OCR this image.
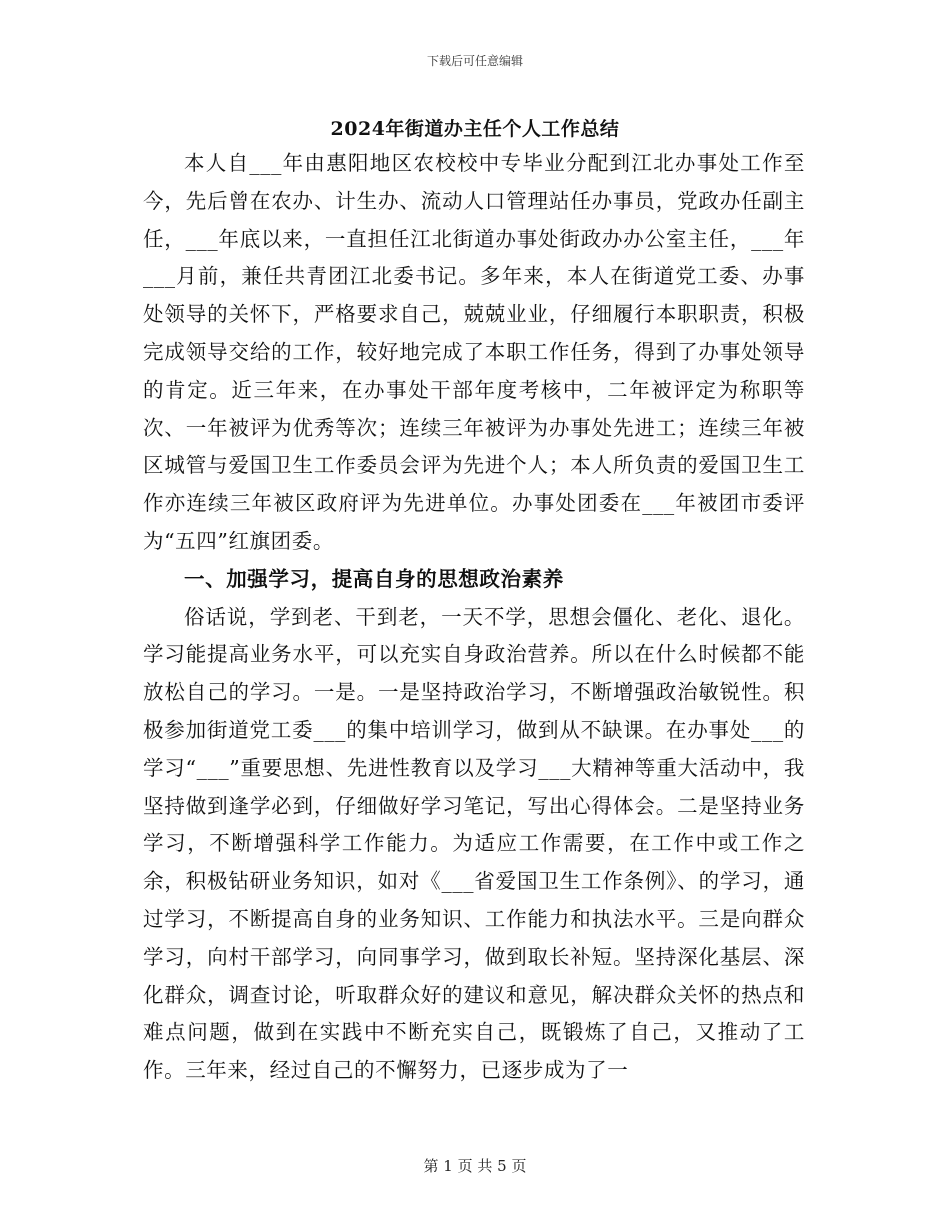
下载后可任意编辑
2024年街道办主任个人工作总结

本人自___年由惠阳地区农校校中专毕业分配到江北办事处工作至今，先后曾在农办、计生办、流动人口管理站任办事员，党政办任副主任，___年底以来，一直担任江北街道办事处街政办办公室主任，___年___月前，兼任共青团江北委书记。多年来，本人在街道党工委、办事处领导的关怀下，严格要求自己，兢兢业业，仔细履行本职职责，积极完成领导交给的工作，较好地完成了本职工作任务，得到了办事处领导的肯定。近三年来，在办事处干部年度考核中，二年被评定为称职等次、一年被评为优秀等次；连续三年被评为办事处先进工；连续三年被区城管与爱国卫生工作委员会评为先进个人；本人所负责的爱国卫生工作亦连续三年被区政府评为先进单位。办事处团委在___年被团市委评为“五四”红旗团委。

一、加强学习，提高自身的思想政治素养

俗话说，学到老、干到老，一天不学，思想会僵化、老化、退化。学习能提高业务水平，可以充实自身政治营养。所以在什么时候都不能放松自己的学习。一是。一是坚持政治学习，不断增强政治敏锐性。积极参加街道党工委___的集中培训学习，做到从不缺课。在办事处___的学习“___”重要思想、先进性教育以及学习___大精神等重大活动中，我坚持做到逢学必到，仔细做好学习笔记，写出心得体会。二是坚持业务学习，不断增强科学工作能力。为适应工作需要，在工作中或工作之余，积极钻研业务知识，如对《___省爱国卫生工作条例》、的学习，通过学习，不断提高自身的业务知识、工作能力和执法水平。三是向群众学习，向村干部学习，向同事学习，做到取长补短。坚持深化基层、深化群众，调查讨论，听取群众好的建议和意见，解决群众关怀的热点和难点问题，做到在实践中不断充实自己，既锻炼了自己，又推动了工作。三年来，经过自己的不懈努力，已逐步成为了一

第 1 页 共 5 页
